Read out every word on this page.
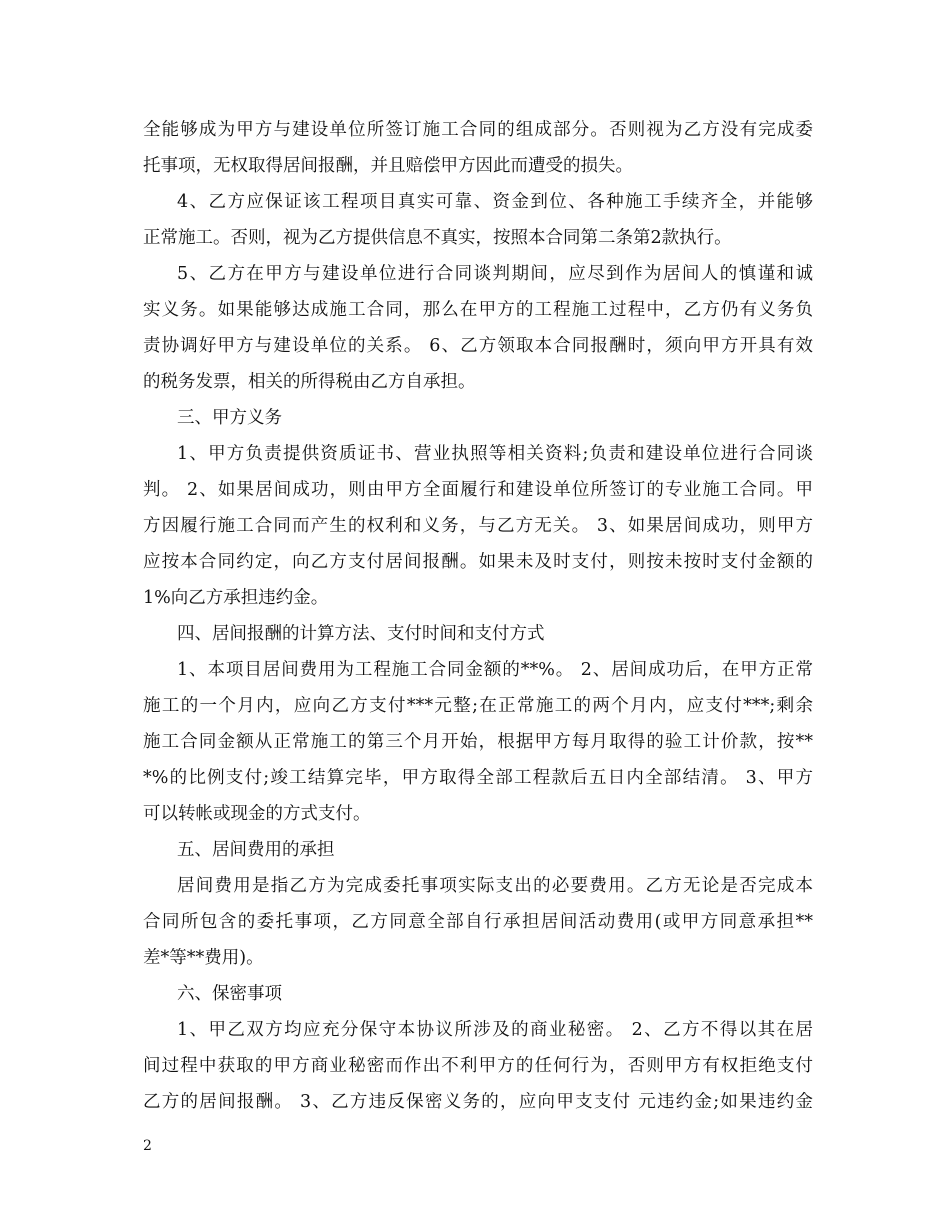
全能够成为甲方与建设单位所签订施工合同的组成部分。否则视为乙方没有完成委
托事项，无权取得居间报酬，并且赔偿甲方因此而遭受的损失。
4、乙方应保证该工程项目真实可靠、资金到位、各种施工手续齐全，并能够
正常施工。否则，视为乙方提供信息不真实，按照本合同第二条第2款执行。
5、乙方在甲方与建设单位进行合同谈判期间，应尽到作为居间人的慎谨和诚
实义务。如果能够达成施工合同，那么在甲方的工程施工过程中，乙方仍有义务负
责协调好甲方与建设单位的关系。 6、乙方领取本合同报酬时，须向甲方开具有效
的税务发票，相关的所得税由乙方自承担。
三、甲方义务
1、甲方负责提供资质证书、营业执照等相关资料;负责和建设单位进行合同谈
判。 2、如果居间成功，则由甲方全面履行和建设单位所签订的专业施工合同。甲
方因履行施工合同而产生的权利和义务，与乙方无关。 3、如果居间成功，则甲方
应按本合同约定，向乙方支付居间报酬。如果未及时支付，则按未按时支付金额的
1%向乙方承担违约金。
四、居间报酬的计算方法、支付时间和支付方式
1、本项目居间费用为工程施工合同金额的**%。 2、居间成功后，在甲方正常
施工的一个月内，应向乙方支付***元整;在正常施工的两个月内，应支付***;剩余
施工合同金额从正常施工的第三个月开始，根据甲方每月取得的验工计价款，按**
*%的比例支付;竣工结算完毕，甲方取得全部工程款后五日内全部结清。 3、甲方
可以转帐或现金的方式支付。
五、居间费用的承担
居间费用是指乙方为完成委托事项实际支出的必要费用。乙方无论是否完成本
合同所包含的委托事项，乙方同意全部自行承担居间活动费用(或甲方同意承担**
差*等**费用)。
六、保密事项
1、甲乙双方均应充分保守本协议所涉及的商业秘密。 2、乙方不得以其在居
间过程中获取的甲方商业秘密而作出不利甲方的任何行为，否则甲方有权拒绝支付
乙方的居间报酬。 3、乙方违反保密义务的，应向甲支支付 元违约金;如果违约金
2
